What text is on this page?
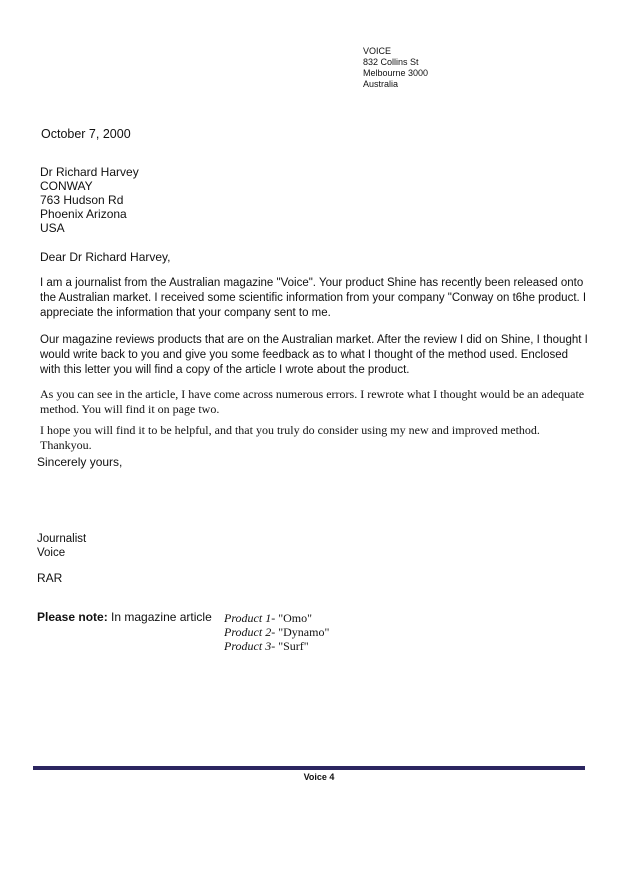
VOICE
832 Collins St
Melbourne 3000
Australia
October 7, 2000
Dr Richard Harvey
CONWAY
763 Hudson Rd
Phoenix Arizona
USA
Dear Dr Richard Harvey,
I am a journalist from the Australian magazine "Voice". Your product Shine has recently been released onto the Australian market. I received some scientific information from your company "Conway on t6he product. I appreciate the information that your company sent to me.
Our magazine reviews products that are on the Australian market. After the review I did on Shine, I thought I would write back to you and give you some feedback as to what I thought of the method used. Enclosed with this letter you will find a copy of the article I wrote about the product.
As you can see in the article, I have come across numerous errors. I rewrote what I thought would be an adequate method. You will find it on page two.
I hope you will find it to be helpful, and that you truly do consider using my new and improved method. Thankyou.
Sincerely yours,
Journalist
Voice
RAR
Please note: In magazine article Product 1- "Omo"
Product 2- "Dynamo"
Product 3- "Surf"
Voice 4
